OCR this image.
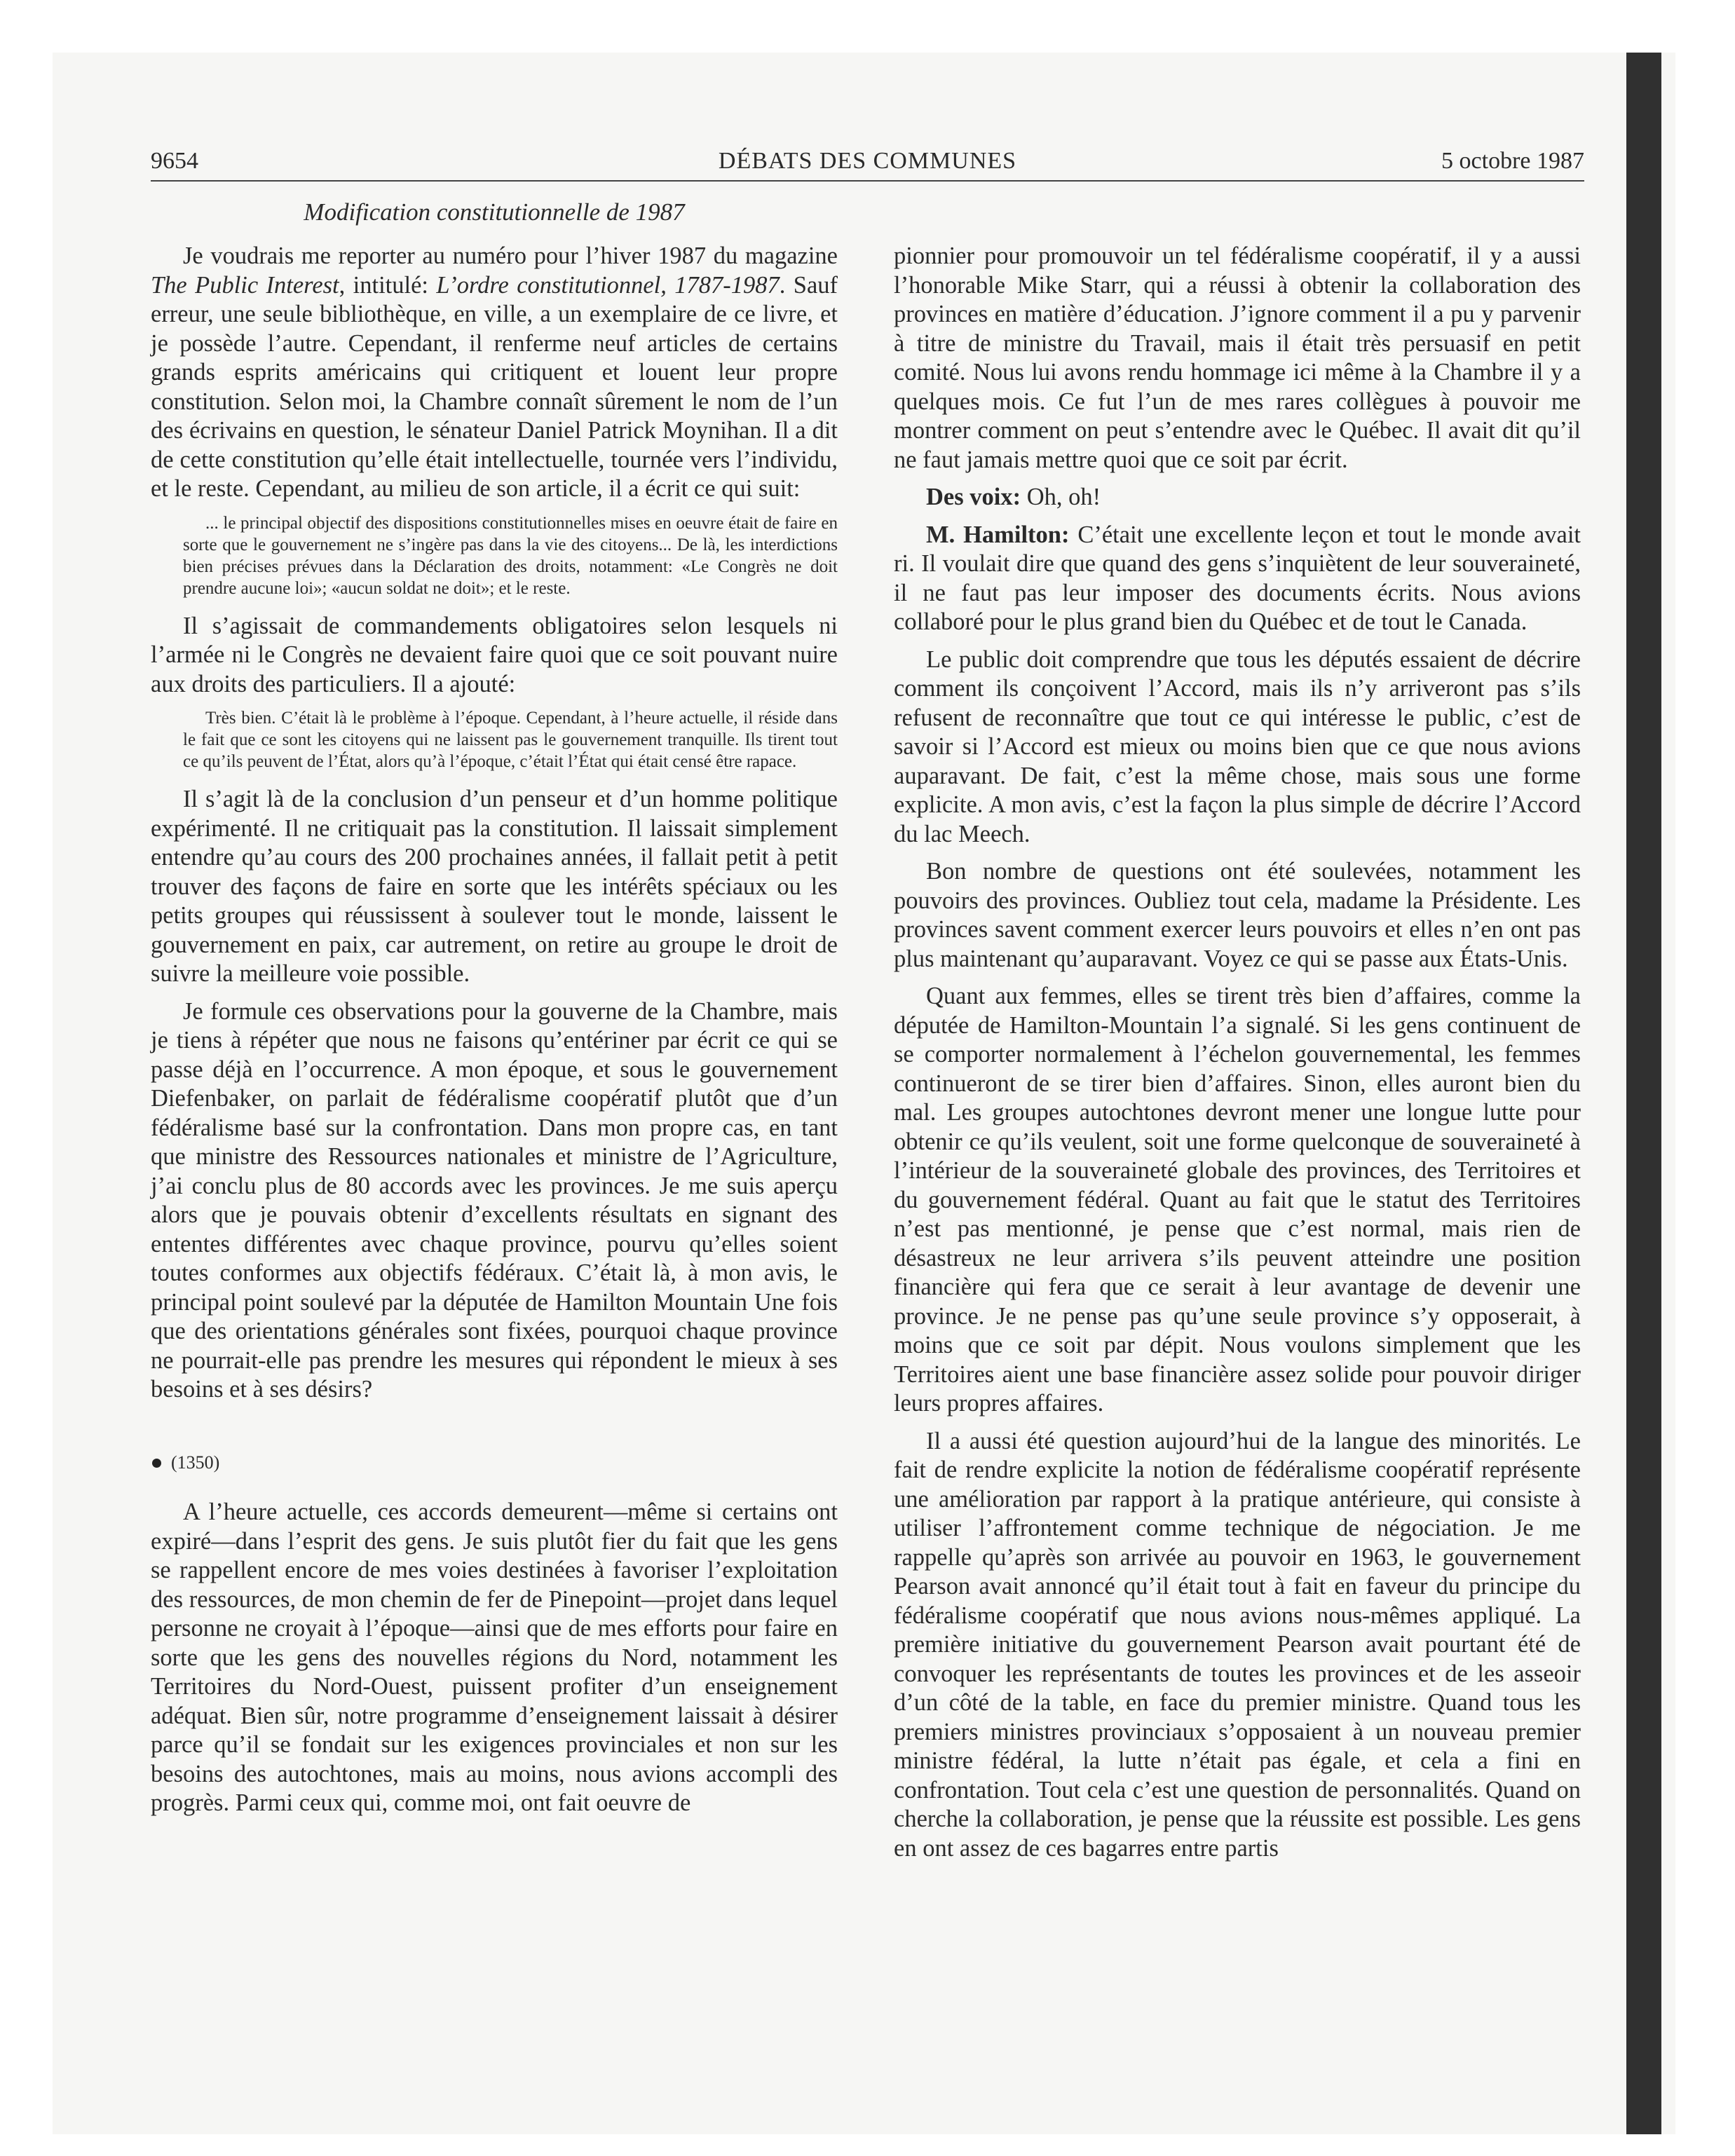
9654	DÉBATS DES COMMUNES	5 octobre 1987
Modification constitutionnelle de 1987

Je voudrais me reporter au numéro pour l’hiver 1987 du magazine The Public Interest, intitulé: L’ordre constitutionnel, 1787-1987. Sauf erreur, une seule bibliothèque, en ville, a un exemplaire de ce livre, et je possède l’autre. Cependant, il renferme neuf articles de certains grands esprits américains qui critiquent et louent leur propre constitution. Selon moi, la Chambre connaît sûrement le nom de l’un des écrivains en question, le sénateur Daniel Patrick Moynihan. Il a dit de cette constitution qu’elle était intellectuelle, tournée vers l’individu, et le reste. Cependant, au milieu de son article, il a écrit ce qui suit:

... le principal objectif des dispositions constitutionnelles mises en oeuvre était de faire en sorte que le gouvernement ne s’ingère pas dans la vie des citoyens... De là, les interdictions bien précises prévues dans la Déclaration des droits, notamment: «Le Congrès ne doit prendre aucune loi»; «aucun soldat ne doit»; et le reste.

Il s’agissait de commandements obligatoires selon lesquels ni l’armée ni le Congrès ne devaient faire quoi que ce soit pouvant nuire aux droits des particuliers. Il a ajouté:

Très bien. C’était là le problème à l’époque. Cependant, à l’heure actuelle, il réside dans le fait que ce sont les citoyens qui ne laissent pas le gouvernement tranquille. Ils tirent tout ce qu’ils peuvent de l’État, alors qu’à l’époque, c’était l’État qui était censé être rapace.

Il s’agit là de la conclusion d’un penseur et d’un homme politique expérimenté. Il ne critiquait pas la constitution. Il laissait simplement entendre qu’au cours des 200 prochaines années, il fallait petit à petit trouver des façons de faire en sorte que les intérêts spéciaux ou les petits groupes qui réussissent à soulever tout le monde, laissent le gouvernement en paix, car autrement, on retire au groupe le droit de suivre la meilleure voie possible.

Je formule ces observations pour la gouverne de la Chambre, mais je tiens à répéter que nous ne faisons qu’entériner par écrit ce qui se passe déjà en l’occurrence. A mon époque, et sous le gouvernement Diefenbaker, on parlait de fédéralisme coopératif plutôt que d’un fédéralisme basé sur la confrontation. Dans mon propre cas, en tant que ministre des Ressources nationales et ministre de l’Agriculture, j’ai conclu plus de 80 accords avec les provinces. Je me suis aperçu alors que je pouvais obtenir d’excellents résultats en signant des ententes différentes avec chaque province, pourvu qu’elles soient toutes conformes aux objectifs fédéraux. C’était là, à mon avis, le principal point soulevé par la députée de Hamilton Mountain Une fois que des orientations générales sont fixées, pourquoi chaque province ne pourrait-elle pas prendre les mesures qui répondent le mieux à ses besoins et à ses désirs?

(1350)

A l’heure actuelle, ces accords demeurent—même si certains ont expiré—dans l’esprit des gens. Je suis plutôt fier du fait que les gens se rappellent encore de mes voies destinées à favoriser l’exploitation des ressources, de mon chemin de fer de Pinepoint—projet dans lequel personne ne croyait à l’époque—ainsi que de mes efforts pour faire en sorte que les gens des nouvelles régions du Nord, notamment les Territoires du Nord-Ouest, puissent profiter d’un enseignement adéquat. Bien sûr, notre programme d’enseignement laissait à désirer parce qu’il se fondait sur les exigences provinciales et non sur les besoins des autochtones, mais au moins, nous avions accompli des progrès. Parmi ceux qui, comme moi, ont fait oeuvre de

pionnier pour promouvoir un tel fédéralisme coopératif, il y a aussi l’honorable Mike Starr, qui a réussi à obtenir la collaboration des provinces en matière d’éducation. J’ignore comment il a pu y parvenir à titre de ministre du Travail, mais il était très persuasif en petit comité. Nous lui avons rendu hommage ici même à la Chambre il y a quelques mois. Ce fut l’un de mes rares collègues à pouvoir me montrer comment on peut s’entendre avec le Québec. Il avait dit qu’il ne faut jamais mettre quoi que ce soit par écrit.

Des voix: Oh, oh!

M. Hamilton: C’était une excellente leçon et tout le monde avait ri. Il voulait dire que quand des gens s’inquiètent de leur souveraineté, il ne faut pas leur imposer des documents écrits. Nous avions collaboré pour le plus grand bien du Québec et de tout le Canada.

Le public doit comprendre que tous les députés essaient de décrire comment ils conçoivent l’Accord, mais ils n’y arriveront pas s’ils refusent de reconnaître que tout ce qui intéresse le public, c’est de savoir si l’Accord est mieux ou moins bien que ce que nous avions auparavant. De fait, c’est la même chose, mais sous une forme explicite. A mon avis, c’est la façon la plus simple de décrire l’Accord du lac Meech.

Bon nombre de questions ont été soulevées, notamment les pouvoirs des provinces. Oubliez tout cela, madame la Présidente. Les provinces savent comment exercer leurs pouvoirs et elles n’en ont pas plus maintenant qu’auparavant. Voyez ce qui se passe aux États-Unis.

Quant aux femmes, elles se tirent très bien d’affaires, comme la députée de Hamilton-Mountain l’a signalé. Si les gens continuent de se comporter normalement à l’échelon gouvernemental, les femmes continueront de se tirer bien d’affaires. Sinon, elles auront bien du mal. Les groupes autochtones devront mener une longue lutte pour obtenir ce qu’ils veulent, soit une forme quelconque de souveraineté à l’intérieur de la souveraineté globale des provinces, des Territoires et du gouvernement fédéral. Quant au fait que le statut des Territoires n’est pas mentionné, je pense que c’est normal, mais rien de désastreux ne leur arrivera s’ils peuvent atteindre une position financière qui fera que ce serait à leur avantage de devenir une province. Je ne pense pas qu’une seule province s’y opposerait, à moins que ce soit par dépit. Nous voulons simplement que les Territoires aient une base financière assez solide pour pouvoir diriger leurs propres affaires.

Il a aussi été question aujourd’hui de la langue des minorités. Le fait de rendre explicite la notion de fédéralisme coopératif représente une amélioration par rapport à la pratique antérieure, qui consiste à utiliser l’affrontement comme technique de négociation. Je me rappelle qu’après son arrivée au pouvoir en 1963, le gouvernement Pearson avait annoncé qu’il était tout à fait en faveur du principe du fédéralisme coopératif que nous avions nous-mêmes appliqué. La première initiative du gouvernement Pearson avait pourtant été de convoquer les représentants de toutes les provinces et de les asseoir d’un côté de la table, en face du premier ministre. Quand tous les premiers ministres provinciaux s’opposaient à un nouveau premier ministre fédéral, la lutte n’était pas égale, et cela a fini en confrontation. Tout cela c’est une question de personnalités. Quand on cherche la collaboration, je pense que la réussite est possible. Les gens en ont assez de ces bagarres entre partis
